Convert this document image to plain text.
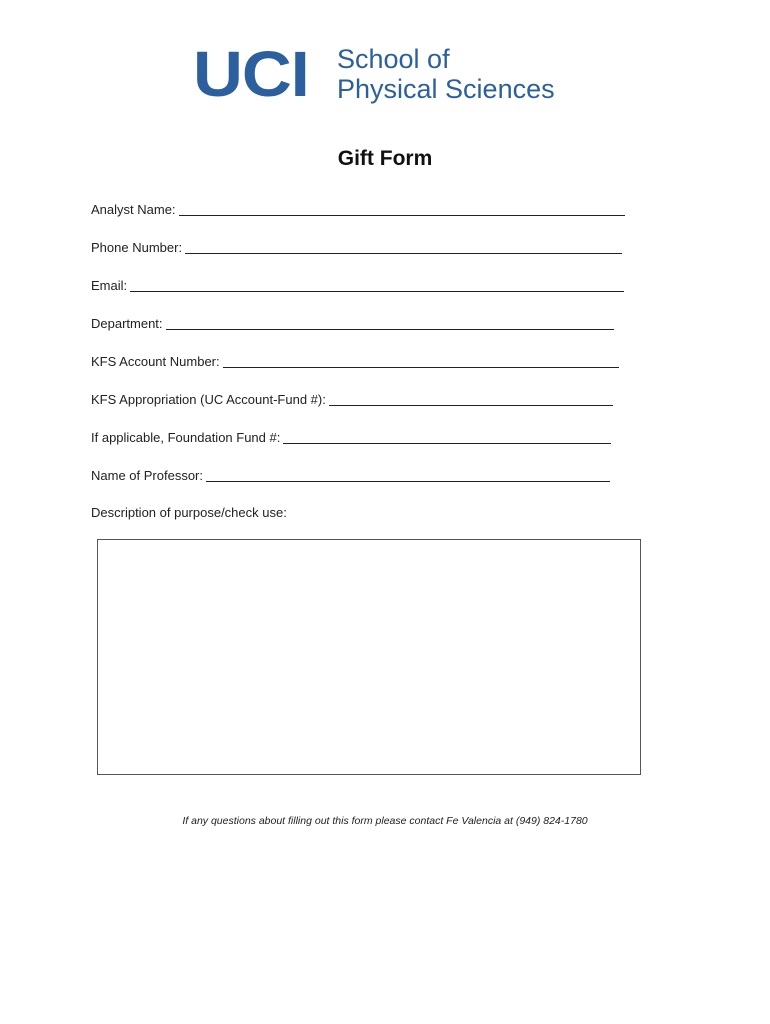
UCI School of
Physical Sciences
Gift Form
Analyst Name:
Phone Number:
Email:
Department:
KFS Account Number:
KFS Appropriation (UC Account-Fund #):
If applicable, Foundation Fund #:
Name of Professor:
Description of purpose/check use:
If any questions about filling out this form please contact Fe Valencia at (949) 824-1780
